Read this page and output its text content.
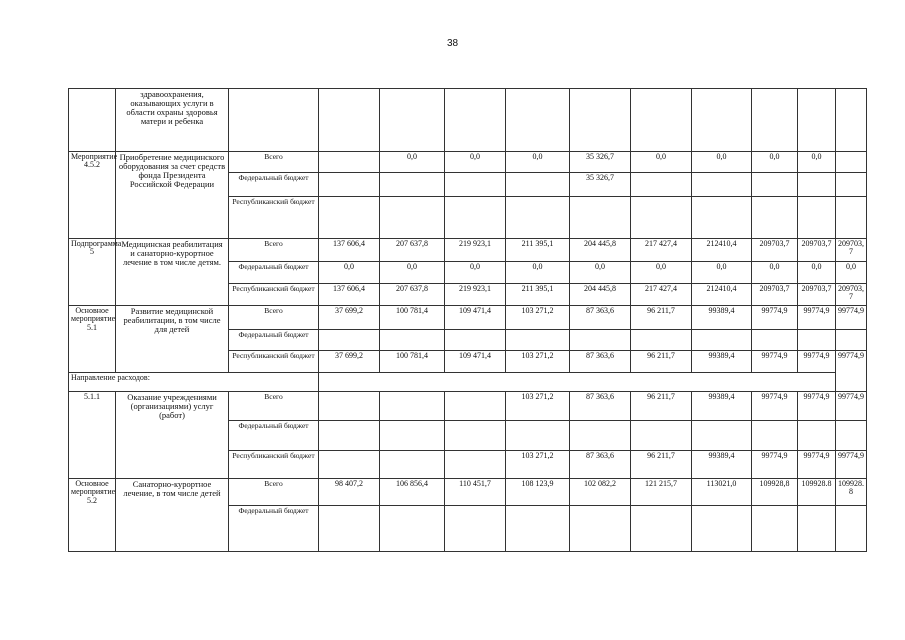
38
	здравоохранения, оказывающих услуги в области охраны здоровья матери и ребенка											
Мероприятие 4.5.2	Приобретение медицинского оборудования за счет средств фонда Президента Российской Федерации	Всего		0,0	0,0	0,0	35 326,7	0,0	0,0	0,0	0,0	
		Федеральный бюджет					35 326,7					
		Республиканский бюджет										
Подпрограмма 5	Медицинская реабилитация и санаторно-курортное лечение в том числе детям.	Всего	137 606,4	207 637,8	219 923,1	211 395,1	204 445,8	217 427,4	212410,4	209703,7	209703,7	209703,7
		Федеральный бюджет	0,0	0,0	0,0	0,0	0,0	0,0	0,0	0,0	0,0	0,0
		Республиканский бюджет	137 606,4	207 637,8	219 923,1	211 395,1	204 445,8	217 427,4	212410,4	209703,7	209703,7	209703,7
Основное мероприятие 5.1	Развитие медицинской реабилитации, в том числе для детей	Всего	37 699,2	100 781,4	109 471,4	103 271,2	87 363,6	96 211,7	99389,4	99774,9	99774,9	99774,9
		Федеральный бюджет										
		Республиканский бюджет	37 699,2	100 781,4	109 471,4	103 271,2	87 363,6	96 211,7	99389,4	99774,9	99774,9	99774,9
Направление расходов:												
5.1.1	Оказание учреждениями (организациями) услуг (работ)	Всего				103 271,2	87 363,6	96 211,7	99389,4	99774,9	99774,9	99774,9
		Федеральный бюджет										
		Республиканский бюджет				103 271,2	87 363,6	96 211,7	99389,4	99774,9	99774,9	99774,9
Основное мероприятие 5.2	Санаторно-курортное лечение, в том числе детей	Всего	98 407,2	106 856,4	110 451,7	108 123,9	102 082,2	121 215,7	113021,0	109928,8	109928.8	109928.8
		Федеральный бюджет										
